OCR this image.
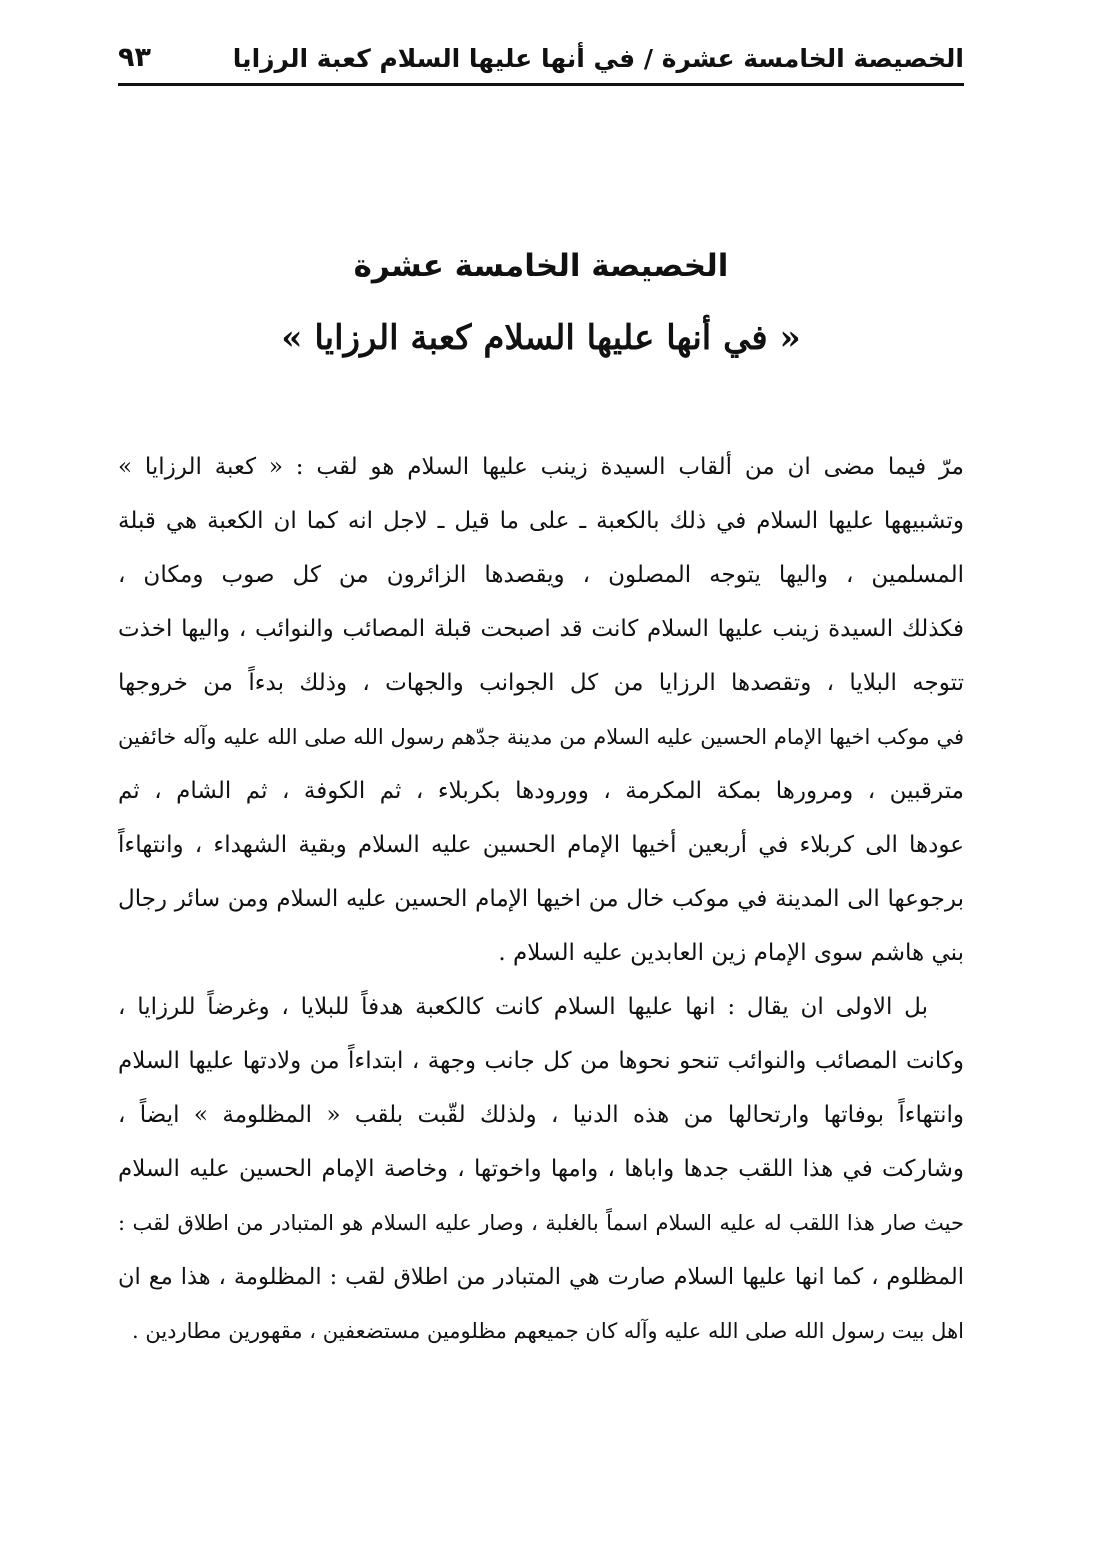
الخصيصة الخامسة عشرة / في أنها عليها السلام كعبة الرزايا
٩٣
الخصيصة الخامسة عشرة
« في أنها عليها السلام كعبة الرزايا »
مرّ فيما مضى ان من ألقاب السيدة زينب عليها السلام هو لقب : « كعبة الرزايا »
وتشبيهها عليها السلام في ذلك بالكعبة ـ على ما قيل ـ لاجل انه كما ان الكعبة هي قبلة
المسلمين ، واليها يتوجه المصلون ، ويقصدها الزائرون من كل صوب ومكان ،
فكذلك السيدة زينب عليها السلام كانت قد اصبحت قبلة المصائب والنوائب ، واليها اخذت
تتوجه البلايا ، وتقصدها الرزايا من كل الجوانب والجهات ، وذلك بدءاً من خروجها
في موكب اخيها الإمام الحسين عليه السلام من مدينة جدّهم رسول الله صلى الله عليه وآله خائفين
مترقبين ، ومرورها بمكة المكرمة ، وورودها بكربلاء ، ثم الكوفة ، ثم الشام ، ثم
عودها الى كربلاء في أربعين أخيها الإمام الحسين عليه السلام وبقية الشهداء ، وانتهاءاً
برجوعها الى المدينة في موكب خال من اخيها الإمام الحسين عليه السلام ومن سائر رجال
بني هاشم سوى الإمام زين العابدين عليه السلام .
بل الاولى ان يقال : انها عليها السلام كانت كالكعبة هدفاً للبلايا ، وغرضاً للرزايا ،
وكانت المصائب والنوائب تنحو نحوها من كل جانب وجهة ، ابتداءاً من ولادتها عليها السلام
وانتهاءاً بوفاتها وارتحالها من هذه الدنيا ، ولذلك لقّبت بلقب « المظلومة » ايضاً ،
وشاركت في هذا اللقب جدها واباها ، وامها واخوتها ، وخاصة الإمام الحسين عليه السلام
حيث صار هذا اللقب له عليه السلام اسماً بالغلبة ، وصار عليه السلام هو المتبادر من اطلاق لقب :
المظلوم ، كما انها عليها السلام صارت هي المتبادر من اطلاق لقب : المظلومة ، هذا مع ان
اهل بيت رسول الله صلى الله عليه وآله كان جميعهم مظلومين مستضعفين ، مقهورين مطاردين .
